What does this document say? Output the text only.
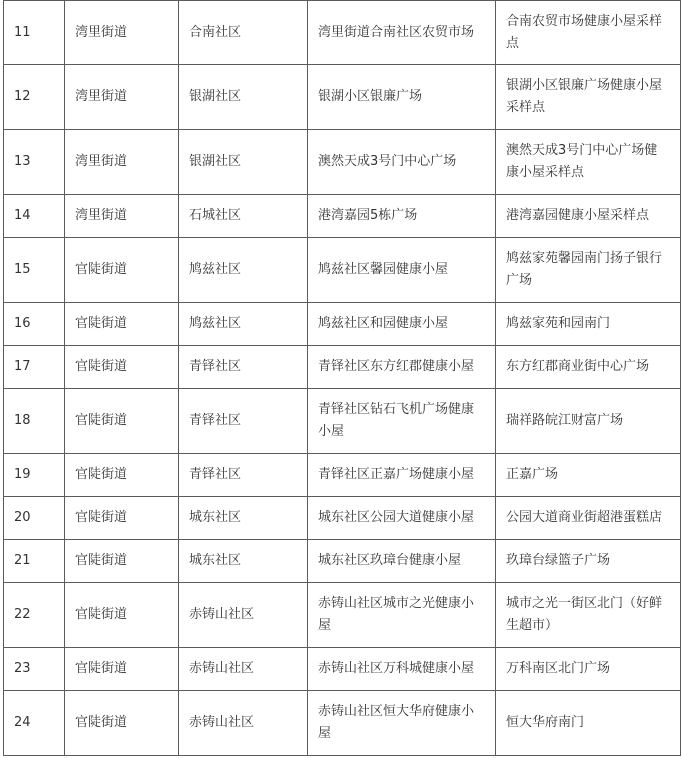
11	湾里街道	合南社区	湾里街道合南社区农贸市场	合南农贸市场健康小屋采样点
12	湾里街道	银湖社区	银湖小区银廉广场	银湖小区银廉广场健康小屋采样点
13	湾里街道	银湖社区	澳然天成3号门中心广场	澳然天成3号门中心广场健康小屋采样点
14	湾里街道	石城社区	港湾嘉园5栋广场	港湾嘉园健康小屋采样点
15	官陡街道	鸠兹社区	鸠兹社区馨园健康小屋	鸠兹家苑馨园南门扬子银行广场
16	官陡街道	鸠兹社区	鸠兹社区和园健康小屋	鸠兹家苑和园南门
17	官陡街道	青铎社区	青铎社区东方红郡健康小屋	东方红郡商业街中心广场
18	官陡街道	青铎社区	青铎社区钻石飞机广场健康小屋	瑞祥路皖江财富广场
19	官陡街道	青铎社区	青铎社区正嘉广场健康小屋	正嘉广场
20	官陡街道	城东社区	城东社区公园大道健康小屋	公园大道商业街超港蛋糕店
21	官陡街道	城东社区	城东社区玖璋台健康小屋	玖璋台绿篮子广场
22	官陡街道	赤铸山社区	赤铸山社区城市之光健康小屋	城市之光一街区北门（好鲜生超市）
23	官陡街道	赤铸山社区	赤铸山社区万科城健康小屋	万科南区北门广场
24	官陡街道	赤铸山社区	赤铸山社区恒大华府健康小屋	恒大华府南门
